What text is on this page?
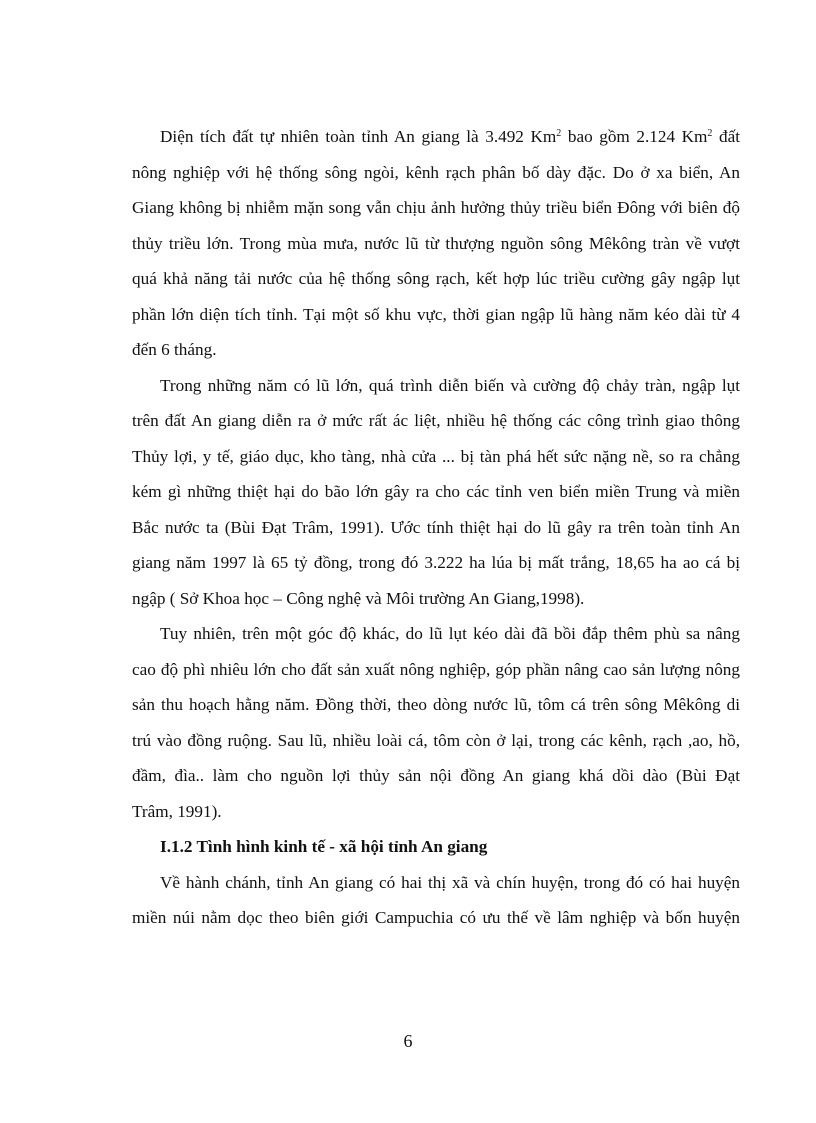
Diện tích đất tự nhiên toàn tỉnh An giang là 3.492 Km$^2$ bao gồm 2.124 Km$^2$ đất
nông nghiệp với hệ thống sông ngòi, kênh rạch phân bố dày đặc. Do ở xa biển, An
Giang không bị nhiễm mặn song vẫn chịu ảnh hưởng thủy triều biển Đông với biên độ
thủy triều lớn. Trong mùa mưa, nước lũ từ thượng nguồn sông Mêkông tràn về vượt
quá khả năng tải nước của hệ thống sông rạch, kết hợp lúc triều cường gây ngập lụt
phần lớn diện tích tỉnh. Tại một số khu vực, thời gian ngập lũ hàng năm kéo dài từ 4
đến 6 tháng.
Trong những năm có lũ lớn, quá trình diễn biến và cường độ chảy tràn, ngập lụt
trên đất An giang diễn ra ở mức rất ác liệt, nhiều hệ thống các công trình giao thông
Thủy lợi, y tế, giáo dục, kho tàng, nhà cửa ... bị tàn phá hết sức nặng nề, so ra chẳng
kém gì những thiệt hại do bão lớn gây ra cho các tỉnh ven biển miền Trung và miền
Bắc nước ta (Bùi Đạt Trâm, 1991). Ước tính thiệt hại do lũ gây ra trên toàn tỉnh An
giang năm 1997 là 65 tỷ đồng, trong đó 3.222 ha lúa bị mất trắng, 18,65 ha ao cá bị
ngập ( Sở Khoa học – Công nghệ và Môi trường An Giang,1998).
Tuy nhiên, trên một góc độ khác, do lũ lụt kéo dài đã bồi đắp thêm phù sa nâng
cao độ phì nhiêu lớn cho đất sản xuất nông nghiệp, góp phần nâng cao sản lượng nông
sản thu hoạch hằng năm. Đồng thời, theo dòng nước lũ, tôm cá trên sông Mêkông di
trú vào đồng ruộng. Sau lũ, nhiều loài cá, tôm còn ở lại, trong các kênh, rạch ,ao, hồ,
đầm, đìa.. làm cho nguồn lợi thủy sản nội đồng An giang khá dồi dào (Bùi Đạt
Trâm, 1991).
I.1.2 Tình hình kinh tế - xã hội tỉnh An giang
Về hành chánh, tỉnh An giang có hai thị xã và chín huyện, trong đó có hai huyện
miền núi nằm dọc theo biên giới Campuchia có ưu thế về lâm nghiệp và bốn huyện
6
